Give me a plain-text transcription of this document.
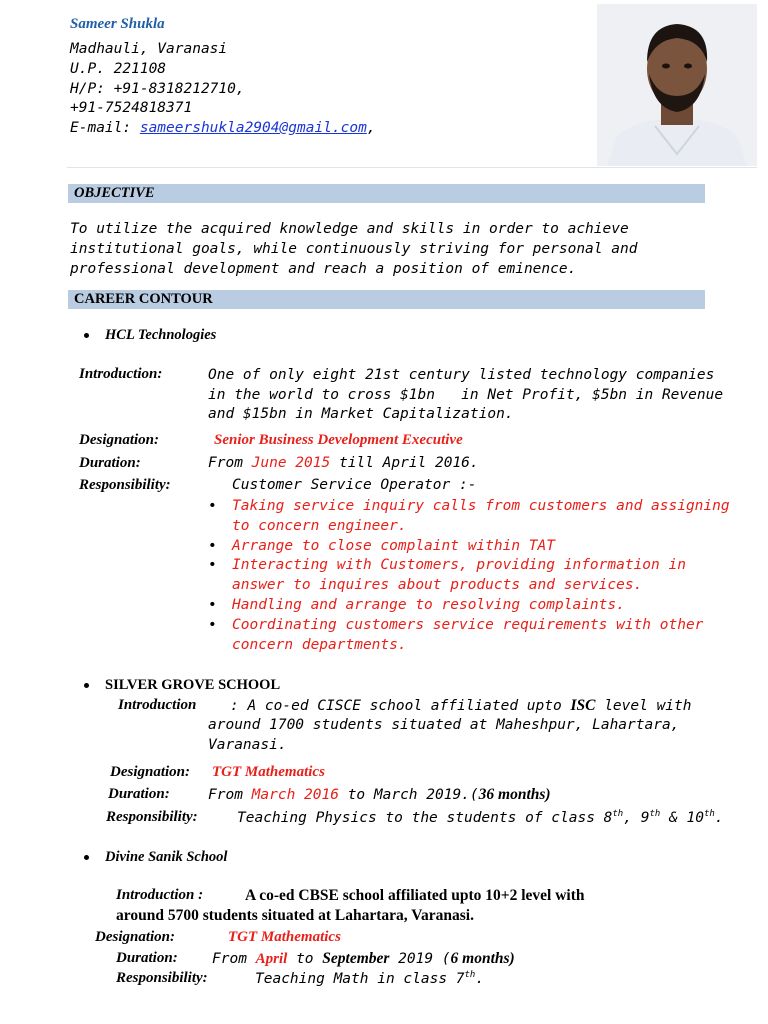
Sameer Shukla
Madhauli, Varanasi
U.P. 221108
H/P: +91-8318212710,
+91-7524818371
E-mail: sameershukla2904@gmail.com,
OBJECTIVE
To utilize the acquired knowledge and skills in order to achieve institutional goals, while continuously striving for personal and professional development and reach a position of eminence.
CAREER CONTOUR
HCL Technologies
Introduction:	One of only eight 21st century listed technology companies
in the world to cross $1bn   in Net Profit, $5bn in Revenue
and $15bn in Market Capitalization.
Designation:	Senior Business Development Executive
Duration:	From June 2015 till April 2016.
Responsibility:	Customer Service Operator :-
• Taking service inquiry calls from customers and assigning to concern engineer.
• Arrange to close complaint within TAT
• Interacting with Customers, providing information in answer to inquires about products and services.
• Handling and arrange to resolving complaints.
• Coordinating customers service requirements with other concern departments.
SILVER GROVE SCHOOL
Introduction : A co-ed CISCE school affiliated upto ISC level with
around 1700 students situated at Maheshpur, Lahartara,
Varanasi.
Designation: TGT Mathematics
Duration:	From March 2016 to March 2019.(36 months)
Responsibility:	Teaching Physics to the students of class 8th, 9th & 10th.
Divine Sanik School
Introduction :	A co-ed CBSE school affiliated upto 10+2 level with
around 5700 students situated at Lahartara, Varanasi.
Designation:	TGT Mathematics
Duration: From April to September 2019 (6 months)
Responsibility:	Teaching Math in class 7th.
